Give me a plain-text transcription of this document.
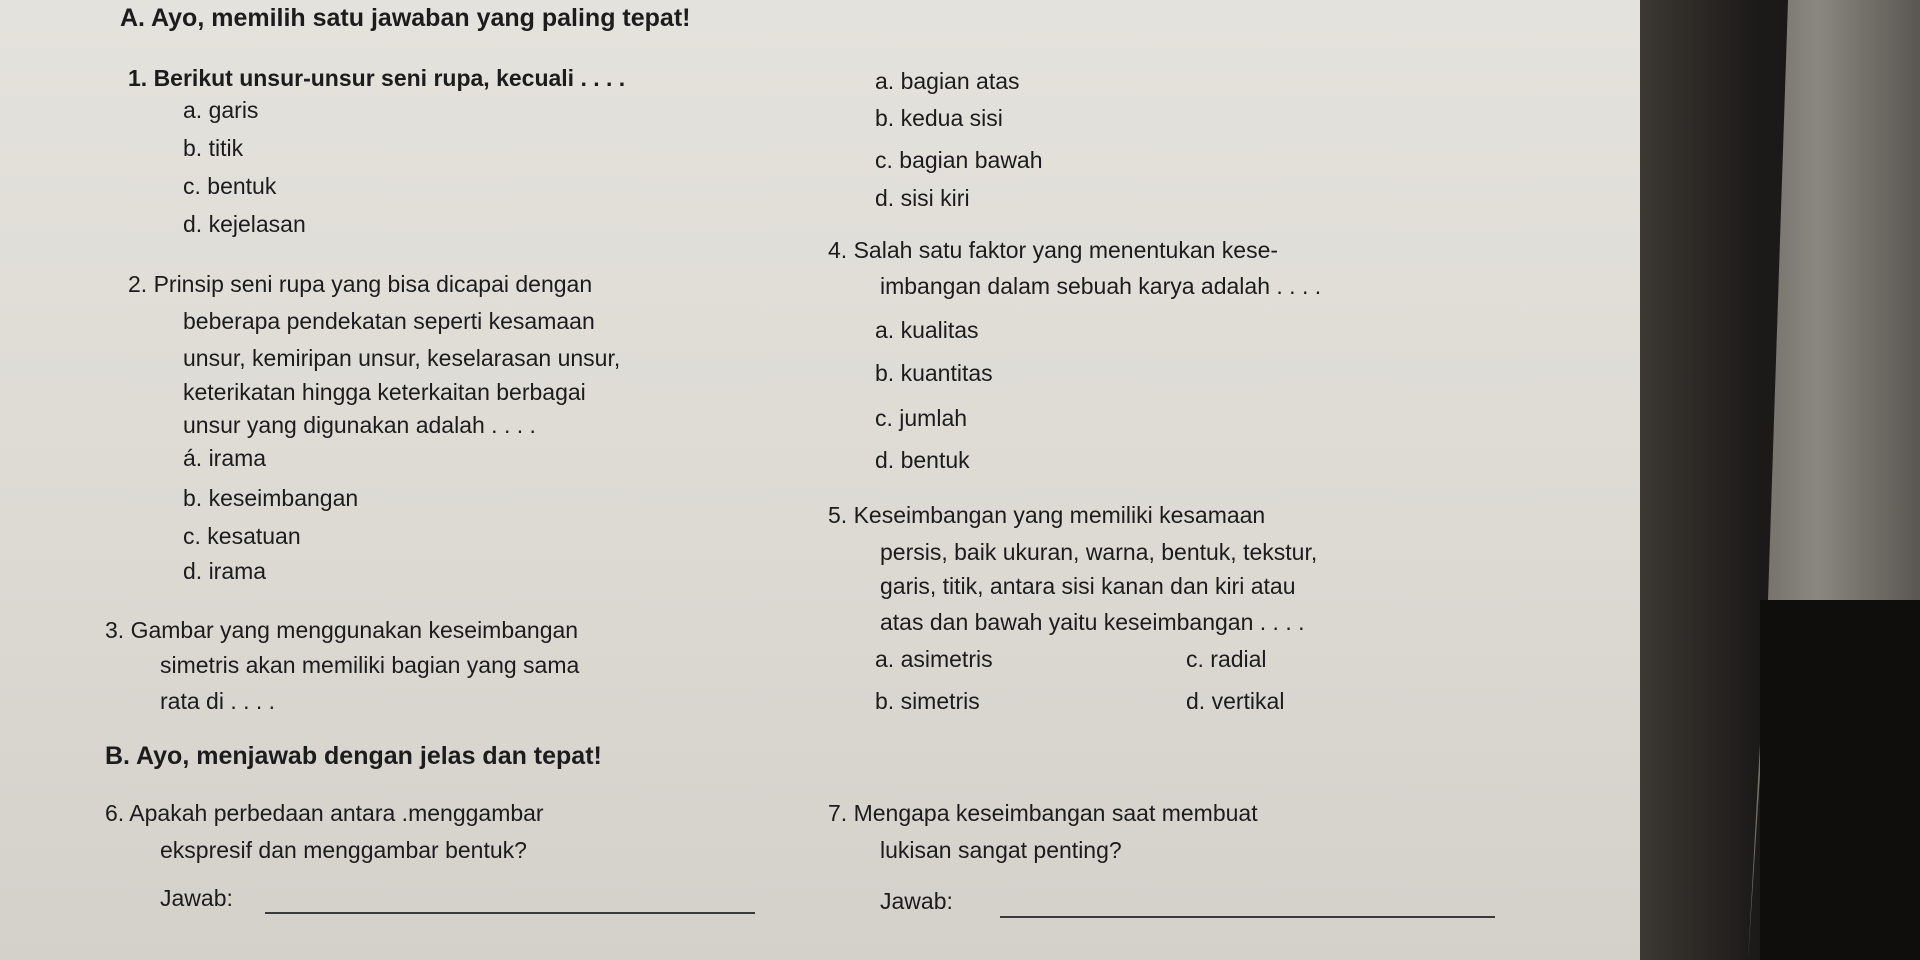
A. Ayo, memilih satu jawaban yang paling tepat!
1. Berikut unsur-unsur seni rupa, kecuali . . . .
a. garis
b. titik
c. bentuk
d. kejelasan
2. Prinsip seni rupa yang bisa dicapai dengan
beberapa pendekatan seperti kesamaan
unsur, kemiripan unsur, keselarasan unsur,
keterikatan hingga keterkaitan berbagai
unsur yang digunakan adalah . . . .
á. irama
b. keseimbangan
c. kesatuan
d. irama
3. Gambar yang menggunakan keseimbangan
simetris akan memiliki bagian yang sama
rata di . . . .
a. bagian atas
b. kedua sisi
c. bagian bawah
d. sisi kiri
4. Salah satu faktor yang menentukan kese-
imbangan dalam sebuah karya adalah . . . .
a. kualitas
b. kuantitas
c. jumlah
d. bentuk
5. Keseimbangan yang memiliki kesamaan
persis, baik ukuran, warna, bentuk, tekstur,
garis, titik, antara sisi kanan dan kiri atau
atas dan bawah yaitu keseimbangan . . . .
a. asimetris
b. simetris
c. radial
d. vertikal
B. Ayo, menjawab dengan jelas dan tepat!
6. Apakah perbedaan antara .menggambar
ekspresif dan menggambar bentuk?
Jawab:
7. Mengapa keseimbangan saat membuat
lukisan sangat penting?
Jawab:
